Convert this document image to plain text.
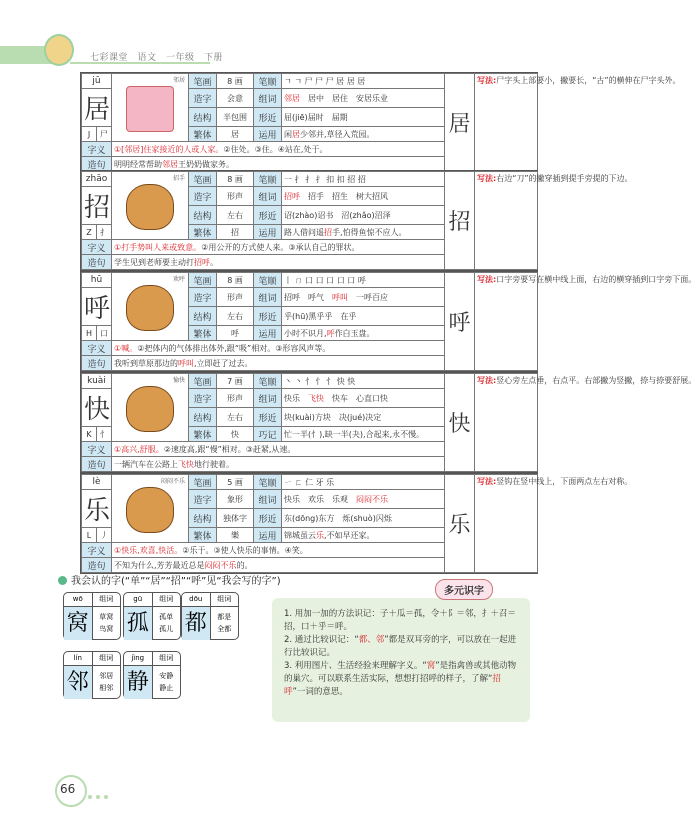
七彩课堂　语文　一年级　下册
jū		邻居	笔画	8 画	笔顺	ㄱ ㄱ 尸 尸 尸 居 居 居	居	写法:尸字头上部要小，撇要长，“古”的横伸在尸字头外。
居			造字	会意	组词	邻居　居中　居住　安居乐业		
			结构	半包围	形近	屈(jiē)届时　届期		
J	尸		繁体	居	运用	闲居少邻并,草径入荒园。		
字义		①[邻居]住家接近的人或人家。②住处。③住。④站在,处于。						
造句		明明经常帮助邻居王奶奶做家务。						
zhāo		招手	笔画	8 画	笔顺	一 扌 扌 扌 扣 扣 招 招	招	写法:右边“刀”的撇穿插到提手旁提的下边。
招			造字	形声	组词	招呼　招手　招生　树大招风		
			结构	左右	形近	诏(zhào)诏书　沼(zhǎo)沼泽		
Z	扌		繁体	招	运用	路人借问遥招手,怕得鱼惊不应人。		
字义		①打手势叫人来或致意。②用公开的方式使人来。③承认自己的罪状。						
造句		学生见到老师要主动打招呼。						
hū		欢呼	笔画	8 画	笔顺	丨 ㄇ 口 口 口 口 口 呼	呼	写法:口字旁要写在横中线上面，右边的横穿插到口字旁下面。
呼			造字	形声	组词	招呼　呼气　呼叫　一呼百应		
			结构	左右	形近	乎(hū)黑乎乎　在乎		
H	口		繁体	呼	运用	小时不识月,呼作白玉盘。		
字义		①喊。②把体内的气体排出体外,跟“吸”相对。③形容风声等。						
造句		我听到草原那边的呼叫,立即赶了过去。						
kuài		愉快	笔画	7 画	笔顺	丶 丶 忄 忄 忄 快 快	快	写法:竖心旁左点垂，右点平。右部撇为竖撇，捺与捺要舒展。
快			造字	形声	组词	快乐　飞快　快车　心直口快		
			结构	左右	形近	块(kuài)方块　决(jué)决定		
K	忄		繁体	快	巧记	忙一半(忄),缺一半(夬),合起来,永不慢。		
字义		①高兴,舒服。②速度高,跟“慢”相对。③赶紧,从速。						
造句		一辆汽车在公路上飞快地行驶着。						
lè		闷闷不乐	笔画	5 画	笔顺	ㄧ ㄈ 仁 牙 乐	乐	写法:竖钩在竖中线上，下面两点左右对称。
乐			造字	象形	组词	快乐　欢乐　乐观　闷闷不乐		
			结构	独体字	形近	东(dōng)东方　烁(shuò)闪烁		
L	丿		繁体	樂	运用	锦城虽云乐,不如早还家。		
字义		①快乐,欢喜,快活。②乐于。③使人快乐的事情。④笑。						
造句		不知为什么,芳芳最近总是闷闷不乐的。						
我会认的字(“单”“居”“招”“呼”见“我会写的字”)
wō	组词
窝	草窝
鸟窝
gū	组词
孤	孤单
孤儿
dōu	组词
都	都是
全都
lín	组词
邻	邻居
相邻
jìng	组词
静	安静
静止
1. 用加一加的方法识记：子＋瓜＝孤，令＋阝＝邻，扌＋召＝招，口＋乎＝呼。
2. 通过比较识记：“都、邻”都是双耳旁的字，可以放在一起进行比较识记。
3. 利用图片、生活经验来理解字义。“窝”是指禽兽或其他动物的巢穴。可以联系生活实际，想想打招呼的样子，了解“招呼”一词的意思。
多元识字
66
